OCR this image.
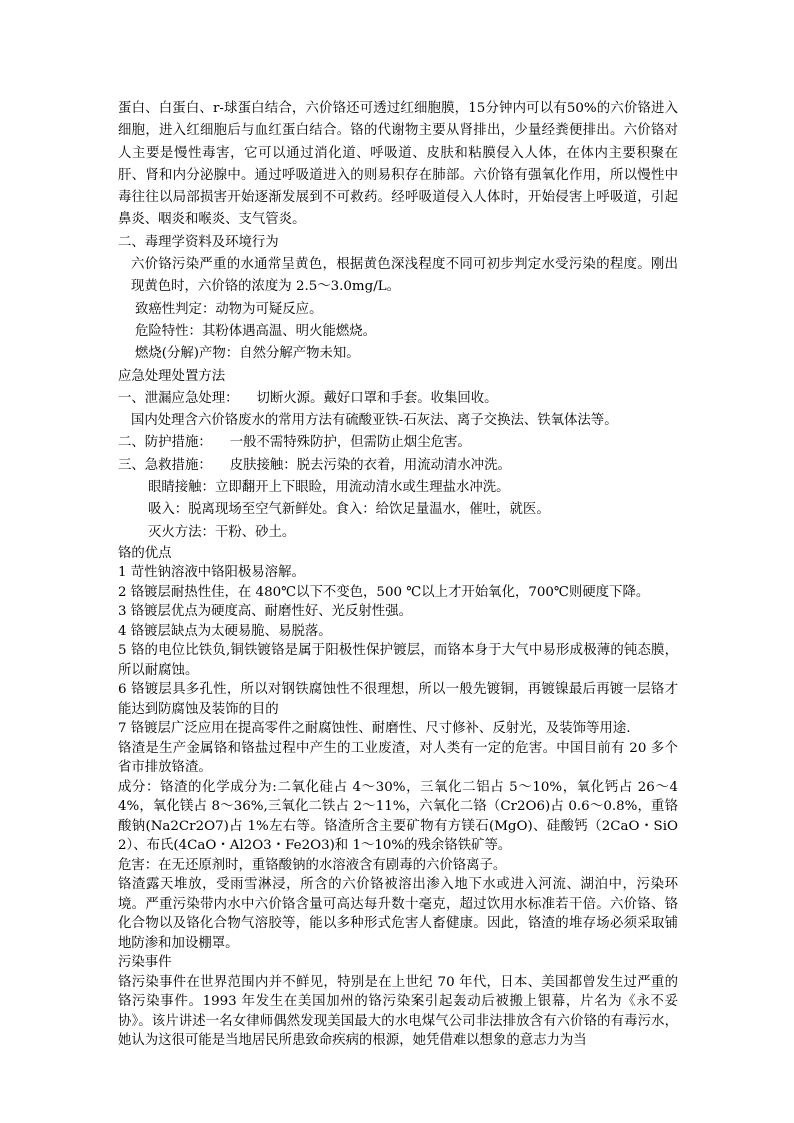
蛋白、白蛋白、r-球蛋白结合，六价铬还可透过红细胞膜，15分钟内可以有50%的六价铬进入细胞，进入红细胞后与血红蛋白结合。铬的代谢物主要从肾排出，少量经粪便排出。六价铬对人主要是慢性毒害，它可以通过消化道、呼吸道、皮肤和粘膜侵入人体，在体内主要积聚在肝、肾和内分泌腺中。通过呼吸道进入的则易积存在肺部。六价铬有强氧化作用，所以慢性中毒往往以局部损害开始逐渐发展到不可救药。经呼吸道侵入人体时，开始侵害上呼吸道，引起鼻炎、咽炎和喉炎、支气管炎。

二、毒理学资料及环境行为

六价铬污染严重的水通常呈黄色，根据黄色深浅程度不同可初步判定水受污染的程度。刚出现黄色时，六价铬的浓度为 2.5～3.0mg/L。

致癌性判定：动物为可疑反应。

危险特性：其粉体遇高温、明火能燃烧。

燃烧(分解)产物：自然分解产物未知。

应急处理处置方法

一、泄漏应急处理： 切断火源。戴好口罩和手套。收集回收。

国内处理含六价铬废水的常用方法有硫酸亚铁-石灰法、离子交换法、铁氧体法等。

二、防护措施： 一般不需特殊防护，但需防止烟尘危害。

三、急救措施： 皮肤接触：脱去污染的衣着，用流动清水冲洗。

眼睛接触：立即翻开上下眼睑，用流动清水或生理盐水冲洗。

吸入：脱离现场至空气新鲜处。食入：给饮足量温水，催吐，就医。

灭火方法：干粉、砂土。

铬的优点

1 苛性钠溶液中铬阳极易溶解。

2 铬镀层耐热性佳，在 480℃以下不变色，500 ℃以上才开始氧化，700℃则硬度下降。

3 铬镀层优点为硬度高、耐磨性好、光反射性强。

4 铬镀层缺点为太硬易脆、易脱落。

5 铬的电位比铁负,铜铁镀铬是属于阳极性保护镀层，而铬本身于大气中易形成极薄的钝态膜，所以耐腐蚀。

6 铬镀层具多孔性，所以对钢铁腐蚀性不很理想，所以一般先镀铜，再镀镍最后再镀一层铬才能达到防腐蚀及装饰的目的

7 铬镀层广泛应用在提高零件之耐腐蚀性、耐磨性、尺寸修补、反射光，及装饰等用途.

铬渣是生产金属铬和铬盐过程中产生的工业废渣，对人类有一定的危害。中国目前有 20 多个省市排放铬渣。

成分：铬渣的化学成分为:二氧化硅占 4～30%，三氧化二铝占 5～10%，氧化钙占 26～44%，氧化镁占 8～36%,三氧化二铁占 2～11%，六氧化二铬（Cr2O6)占 0.6～0.8%，重铬酸钠(Na2Cr2O7)占 1%左右等。铬渣所含主要矿物有方镁石(MgO)、硅酸钙（2CaO・SiO2）、布氏(4CaO・Al2O3・Fe2O3)和 1～10%的残余铬铁矿等。

危害：在无还原剂时，重铬酸钠的水溶液含有剧毒的六价铬离子。

铬渣露天堆放，受雨雪淋浸，所含的六价铬被溶出渗入地下水或进入河流、湖泊中，污染环境。严重污染带内水中六价铬含量可高达每升数十毫克，超过饮用水标准若干倍。六价铬、铬化合物以及铬化合物气溶胶等，能以多种形式危害人畜健康。因此，铬渣的堆存场必须采取铺地防渗和加设棚罩。

污染事件

铬污染事件在世界范围内并不鲜见，特别是在上世纪 70 年代，日本、美国都曾发生过严重的铬污染事件。1993 年发生在美国加州的铬污染案引起轰动后被搬上银幕，片名为《永不妥协》。该片讲述一名女律师偶然发现美国最大的水电煤气公司非法排放含有六价铬的有毒污水，她认为这很可能是当地居民所患致命疾病的根源，她凭借难以想象的意志力为当
